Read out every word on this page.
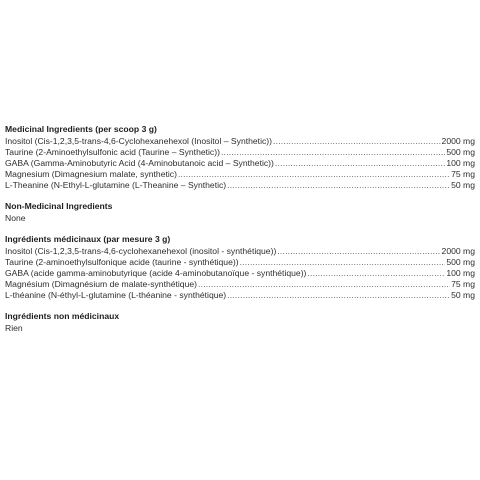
Medicinal Ingredients (per scoop 3 g)
Inositol (Cis-1,2,3,5-trans-4,6-Cyclohexanehexol (Inositol – Synthetic)) .....	2000 mg
Taurine (2-Aminoethylsulfonic acid (Taurine – Synthetic)) .....	500 mg
GABA (Gamma-Aminobutyric Acid (4-Aminobutanoic acid – Synthetic)) .....	100 mg
Magnesium (Dimagnesium malate, synthetic) .....	75 mg
L-Theanine (N-Ethyl-L-glutamine (L-Theanine – Synthetic) .....	50 mg
Non-Medicinal Ingredients
None
Ingrédients médicinaux (par mesure 3 g)
Inositol (Cis-1,2,3,5-trans-4,6-cyclohexanehexol (inositol - synthétique)) .....	2000 mg
Taurine (2-aminoethylsulfonique acide (taurine - synthétique)) .....	500 mg
GABA (acide gamma-aminobutyrique (acide 4-aminobutanoïque - synthétique)) .....	100 mg
Magnésium (Dimagnésium de malate-synthétique) .....	75 mg
L-théanine (N-éthyl-L-glutamine (L-théanine - synthétique) .....	50 mg
Ingrédients non médicinaux
Rien
